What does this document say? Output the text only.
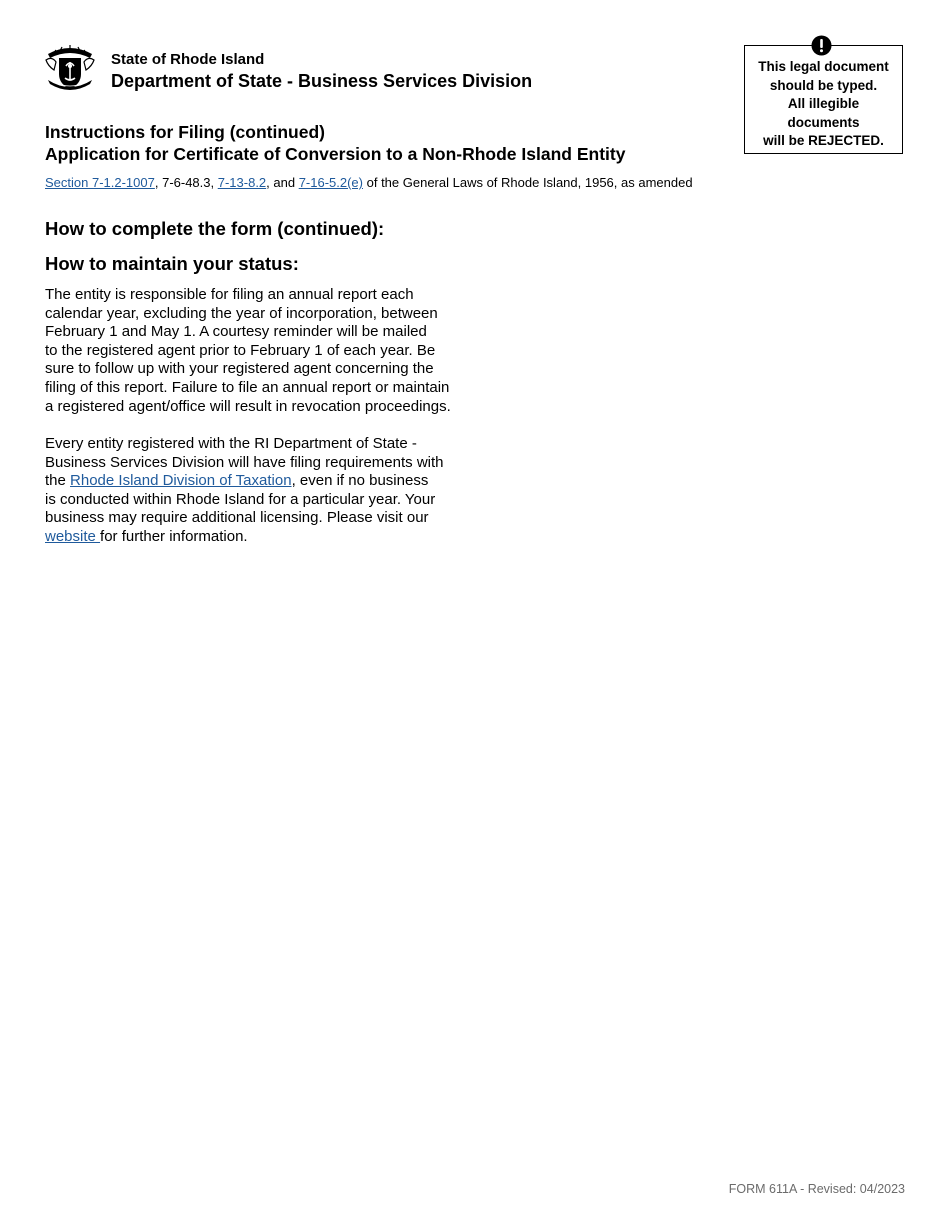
State of Rhode Island
Department of State - Business Services Division
This legal document
should be typed.
All illegible
documents
will be REJECTED.
Instructions for Filing (continued)
Application for Certificate of Conversion to a Non-Rhode Island Entity
Section 7-1.2-1007, 7-6-48.3, 7-13-8.2, and 7-16-5.2(e) of the General Laws of Rhode Island, 1956, as amended
How to complete the form (continued):
How to maintain your status:
The entity is responsible for filing an annual report each
calendar year, excluding the year of incorporation, between
February 1 and May 1. A courtesy reminder will be mailed
to the registered agent prior to February 1 of each year. Be
sure to follow up with your registered agent concerning the
filing of this report. Failure to file an annual report or maintain
a registered agent/office will result in revocation proceedings.
Every entity registered with the RI Department of State -
Business Services Division will have filing requirements with
the Rhode Island Division of Taxation, even if no business
is conducted within Rhode Island for a particular year. Your
business may require additional licensing. Please visit our
website for further information.
FORM 611A - Revised: 04/2023
